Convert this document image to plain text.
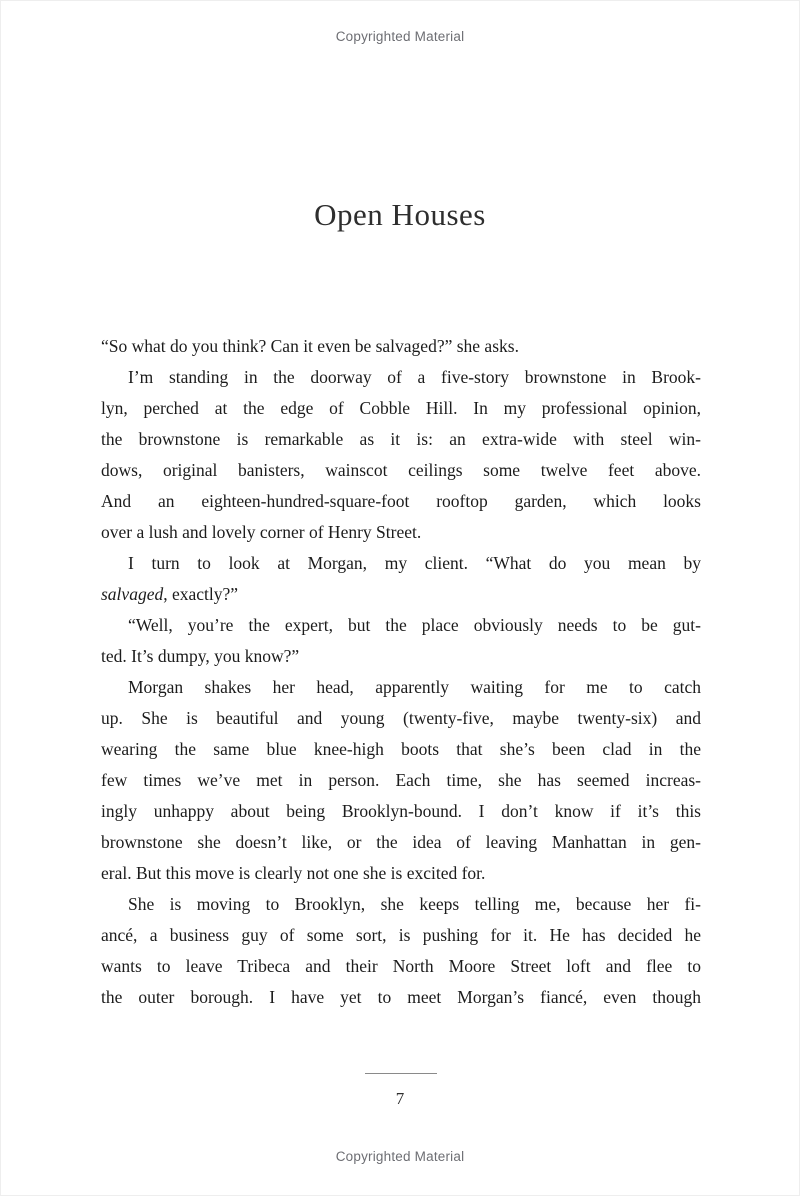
Copyrighted Material
Open Houses
“So what do you think? Can it even be salvaged?” she asks.
I’m standing in the doorway of a five-story brownstone in Brook-
lyn, perched at the edge of Cobble Hill. In my professional opinion,
the brownstone is remarkable as it is: an extra-wide with steel win-
dows, original banisters, wainscot ceilings some twelve feet above.
And an eighteen-hundred-square-foot rooftop garden, which looks
over a lush and lovely corner of Henry Street.
I turn to look at Morgan, my client. “What do you mean by
salvaged, exactly?”
“Well, you’re the expert, but the place obviously needs to be gut-
ted. It’s dumpy, you know?”
Morgan shakes her head, apparently waiting for me to catch
up. She is beautiful and young (twenty-five, maybe twenty-six) and
wearing the same blue knee-high boots that she’s been clad in the
few times we’ve met in person. Each time, she has seemed increas-
ingly unhappy about being Brooklyn-bound. I don’t know if it’s this
brownstone she doesn’t like, or the idea of leaving Manhattan in gen-
eral. But this move is clearly not one she is excited for.
She is moving to Brooklyn, she keeps telling me, because her fi-
ancé, a business guy of some sort, is pushing for it. He has decided he
wants to leave Tribeca and their North Moore Street loft and flee to
the outer borough. I have yet to meet Morgan’s fiancé, even though
7
Copyrighted Material
